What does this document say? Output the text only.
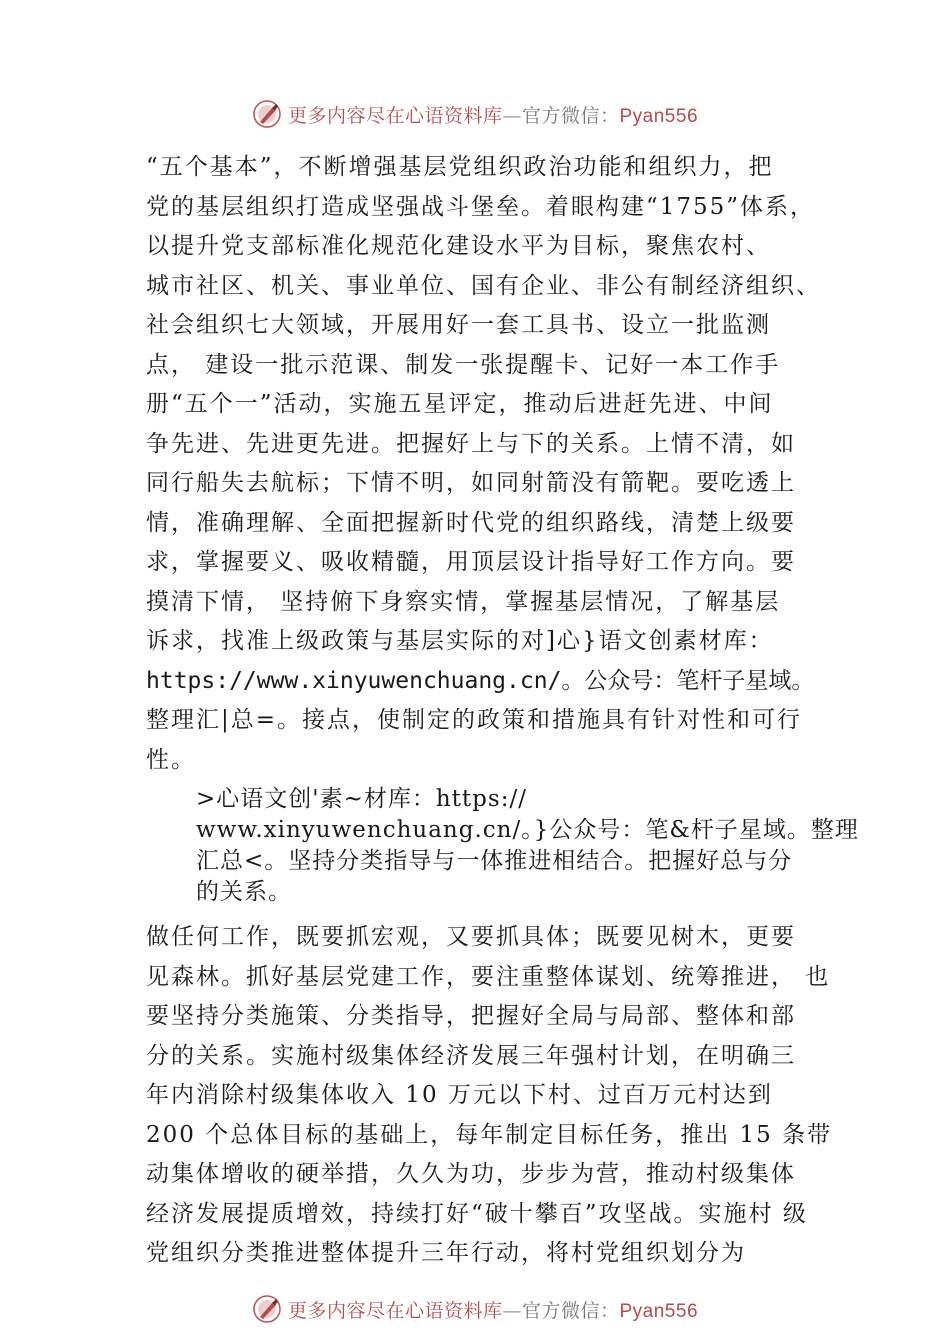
更多内容尽在心语资料库—官方微信：Pyan556
“五个基本”，不断增强基层党组织政治功能和组织力，把
党的基层组织打造成坚强战斗堡垒。着眼构建“1755”体系，
以提升党支部标准化规范化建设水平为目标，聚焦农村、
城市社区、机关、事业单位、国有企业、非公有制经济组织、
社会组织七大领域，开展用好一套工具书、设立一批监测
点， 建设一批示范课、制发一张提醒卡、记好一本工作手
册“五个一”活动，实施五星评定，推动后进赶先进、中间
争先进、先进更先进。把握好上与下的关系。上情不清，如
同行船失去航标；下情不明，如同射箭没有箭靶。要吃透上
情，准确理解、全面把握新时代党的组织路线，清楚上级要
求，掌握要义、吸收精髓，用顶层设计指导好工作方向。要
摸清下情， 坚持俯下身察实情，掌握基层情况，了解基层
诉求，找准上级政策与基层实际的对]心}语文创素材库：
https://www.xinyuwenchuang.cn/。公众号：笔杆子星域。
整理汇|总=。接点，使制定的政策和措施具有针对性和可行
性。
>心语文创'素~材库：https://
www.xinyuwenchuang.cn/。}公众号：笔&杆子星域。整理
汇总<。坚持分类指导与一体推进相结合。把握好总与分
的关系。
做任何工作，既要抓宏观，又要抓具体；既要见树木，更要
见森林。抓好基层党建工作，要注重整体谋划、统筹推进， 也
要坚持分类施策、分类指导，把握好全局与局部、整体和部
分的关系。实施村级集体经济发展三年强村计划，在明确三
年内消除村级集体收入 10 万元以下村、过百万元村达到
200 个总体目标的基础上，每年制定目标任务，推出 15 条带
动集体增收的硬举措，久久为功，步步为营，推动村级集体
经济发展提质增效，持续打好“破十攀百”攻坚战。实施村 级
党组织分类推进整体提升三年行动，将村党组织划分为
更多内容尽在心语资料库—官方微信：Pyan556
